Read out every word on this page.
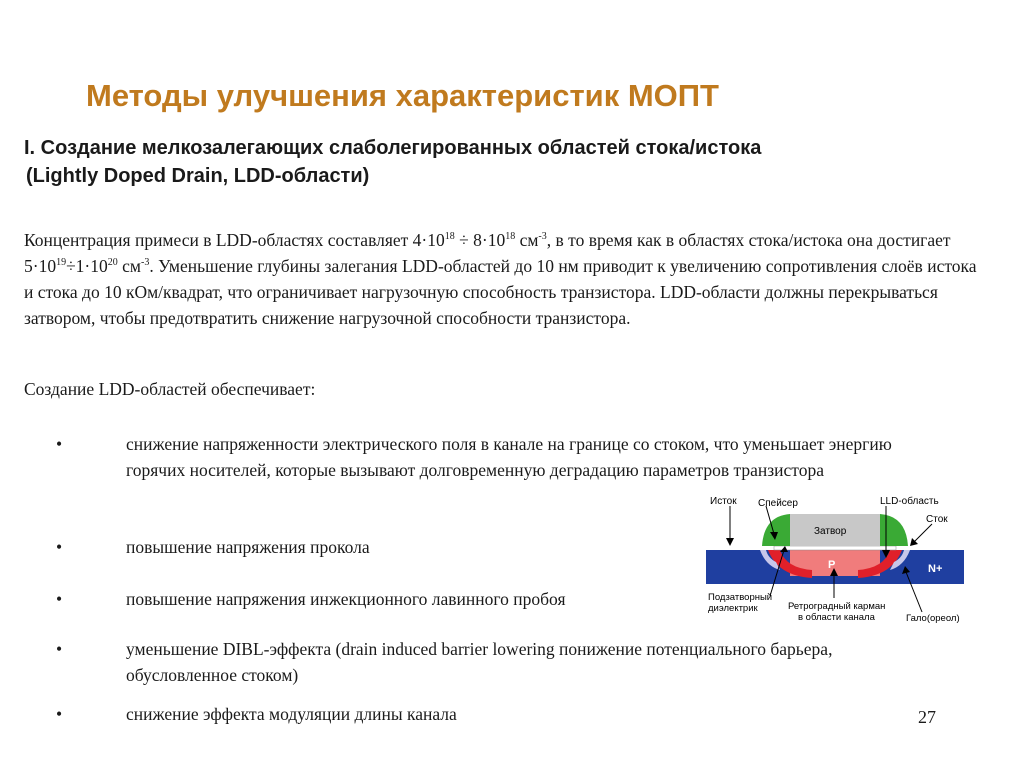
Методы улучшения характеристик МОПТ
I. Создание мелкозалегающих слаболегированных областей стока/истока
(Lightly Doped Drain, LDD-области)

Концентрация примеси в LDD-областях составляет $4\cdot 10^{18} \div 8\cdot 10^{18}$ $см^{-3}$, в то время как в областях стока/истока она достигает $5\cdot 10^{19}\div 1\cdot 10^{20}$ $см^{-3}$. Уменьшение глубины залегания LDD-областей до 10 нм приводит к увеличению сопротивления слоёв истока и стока до 10 кОм/квадрат, что ограничивает нагрузочную способность транзистора. LDD-области должны перекрываться затвором, чтобы предотвратить снижение нагрузочной способности транзистора.

Создание LDD-областей обеспечивает:

•	снижение напряженности электрического поля в канале на границе со стоком, что уменьшает энергию горячих носителей, которые вызывают долговременную деградацию параметров транзистора
•	повышение напряжения прокола
•	повышение напряжения инжекционного лавинного пробоя
•	уменьшение DIBL-эффекта (drain induced barrier lowering понижение потенциального барьера, обусловленное стоком)
•	снижение эффекта модуляции длины канала
Исток Спейсер	LLD-область
Сток
Затвор
P	N+
Подзатворный
диэлектрик	Ретроградный карман
в области канала	Гало(ореол)
27
